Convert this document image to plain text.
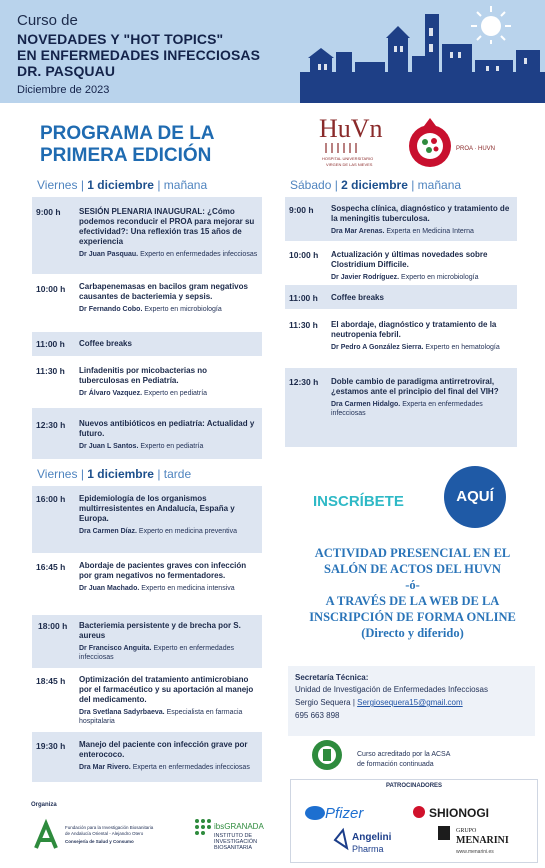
Curso de
NOVEDADES Y "HOT TOPICS"
EN ENFERMEDADES INFECCIOSAS
DR. PASQUAU
Diciembre de 2023
PROGRAMA DE LA
PRIMERA EDICIÓN
HuVn
HOSPITAL UNIVERSITARIO
VIRGEN DE LAS NIEVES
PROA · HUVN
Viernes | 1 diciembre | mañana
9:00 h SESIÓN PLENARIA INAUGURAL: ¿Cómo podemos reconducir el PROA para mejorar su efectividad?: Una reflexión tras 15 años de experiencia
Dr Juan Pasquau. Experto en enfermedades infecciosas
10:00 h Carbapenemasas en bacilos gram negativos causantes de bacteriemia y sepsis.
Dr Fernando Cobo. Experto en microbiología
11:00 h Coffee breaks
11:30 h Linfadenitis por micobacterias no tuberculosas en Pediatría.
Dr Álvaro Vazquez. Experto en pediatría
12:30 h Nuevos antibióticos en pediatría: Actualidad y futuro.
Dr Juan L Santos. Experto en pediatría
Viernes | 1 diciembre | tarde
16:00 h Epidemiología de los organismos multirresistentes en Andalucía, España y Europa.
Dra Carmen Díaz. Experto en medicina preventiva
16:45 h Abordaje de pacientes graves con infección por gram negativos no fermentadores.
Dr Juan Machado. Experto en medicina intensiva
18:00 h Bacteriemia persistente y de brecha por S. aureus
Dr Francisco Anguita. Experto en enfermedades infecciosas
18:45 h Optimización del tratamiento antimicrobiano por el farmacéutico y su aportación al manejo del medicamento.
Dra Svetlana Sadyrbaeva. Especialista en farmacia hospitalaria
19:30 h Manejo del paciente con infección grave por enterococo.
Dra Mar Rivero. Experta en enfermedades infecciosas
Sábado | 2 diciembre | mañana
9:00 h Sospecha clínica, diagnóstico y tratamiento de la meningitis tuberculosa.
Dra Mar Arenas. Experta en Medicina Interna
10:00 h Actualización y últimas novedades sobre Clostridium Difficile.
Dr Javier Rodríguez. Experto en microbiología
11:00 h Coffee breaks
11:30 h El abordaje, diagnóstico y tratamiento de la neutropenia febril.
Dr Pedro A González Sierra. Experto en hematología
12:30 h Doble cambio de paradigma antirretroviral, ¿estamos ante el principio del final del VIH?
Dra Carmen Hidalgo. Experta en enfermedades infecciosas
INSCRÍBETE	AQUÍ
ACTIVIDAD PRESENCIAL EN EL
SALÓN DE ACTOS DEL HUVN
-ó-
A TRAVÉS DE LA WEB DE LA
INSCRIPCIÓN DE FORMA ONLINE
(Directo y diferido)
Secretaría Técnica:
Unidad de Investigación de Enfermedades Infecciosas
Sergio Sequera | Sergiosequera15@gmail.com
695 663 898
Curso acreditado por la ACSA
de formación continuada
PATROCINADORES
Pfizer	SHIONOGI
Angelini
Pharma
GRUPO
MENARINI
www.menarini.es
Organiza
Fundación para la Investigación Biosanitaria
de Andalucía Oriental - Alejandro Otero
Consejería de Salud y Consumo
ibsGRANADA
INSTITUTO DE
INVESTIGACIÓN
BIOSANITARIA
